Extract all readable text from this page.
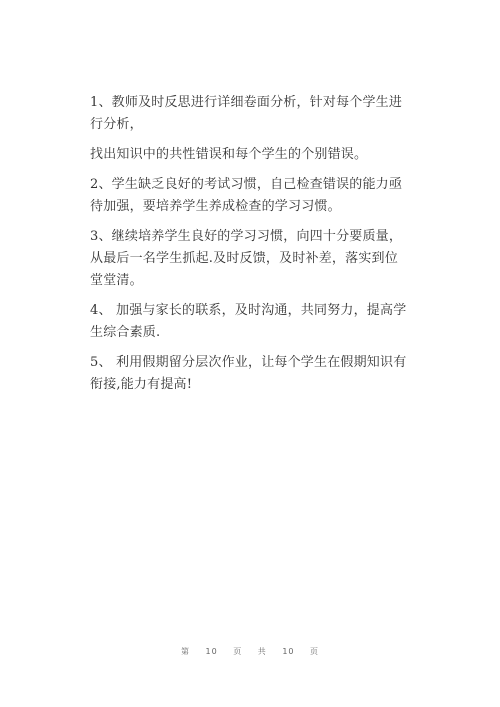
1、教师及时反思进行详细卷面分析，针对每个学生进行分析，

找出知识中的共性错误和每个学生的个别错误。

2、学生缺乏良好的考试习惯，自己检查错误的能力亟待加强，要培养学生养成检查的学习习惯。

3、继续培养学生良好的学习习惯，向四十分要质量，从最后一名学生抓起.及时反馈，及时补差，落实到位堂堂清。

4、 加强与家长的联系，及时沟通，共同努力，提高学生综合素质.

5、 利用假期留分层次作业，让每个学生在假期知识有衔接,能力有提高!

第 10 页 共 10 页
